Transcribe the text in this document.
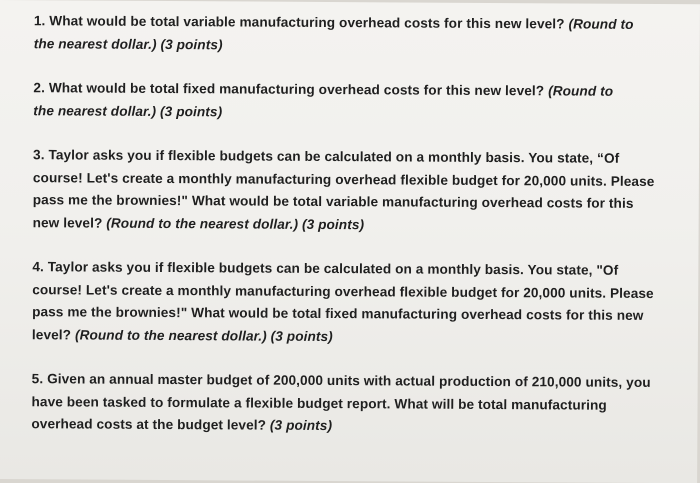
1. What would be total variable manufacturing overhead costs for this new level? (Round to the nearest dollar.) (3 points)

2. What would be total fixed manufacturing overhead costs for this new level? (Round to the nearest dollar.) (3 points)

3. Taylor asks you if flexible budgets can be calculated on a monthly basis. You state, “Of course! Let's create a monthly manufacturing overhead flexible budget for 20,000 units. Please pass me the brownies!" What would be total variable manufacturing overhead costs for this new level? (Round to the nearest dollar.) (3 points)

4. Taylor asks you if flexible budgets can be calculated on a monthly basis. You state, "Of course! Let's create a monthly manufacturing overhead flexible budget for 20,000 units. Please pass me the brownies!" What would be total fixed manufacturing overhead costs for this new level? (Round to the nearest dollar.) (3 points)

5. Given an annual master budget of 200,000 units with actual production of 210,000 units, you have been tasked to formulate a flexible budget report. What will be total manufacturing overhead costs at the budget level? (3 points)
